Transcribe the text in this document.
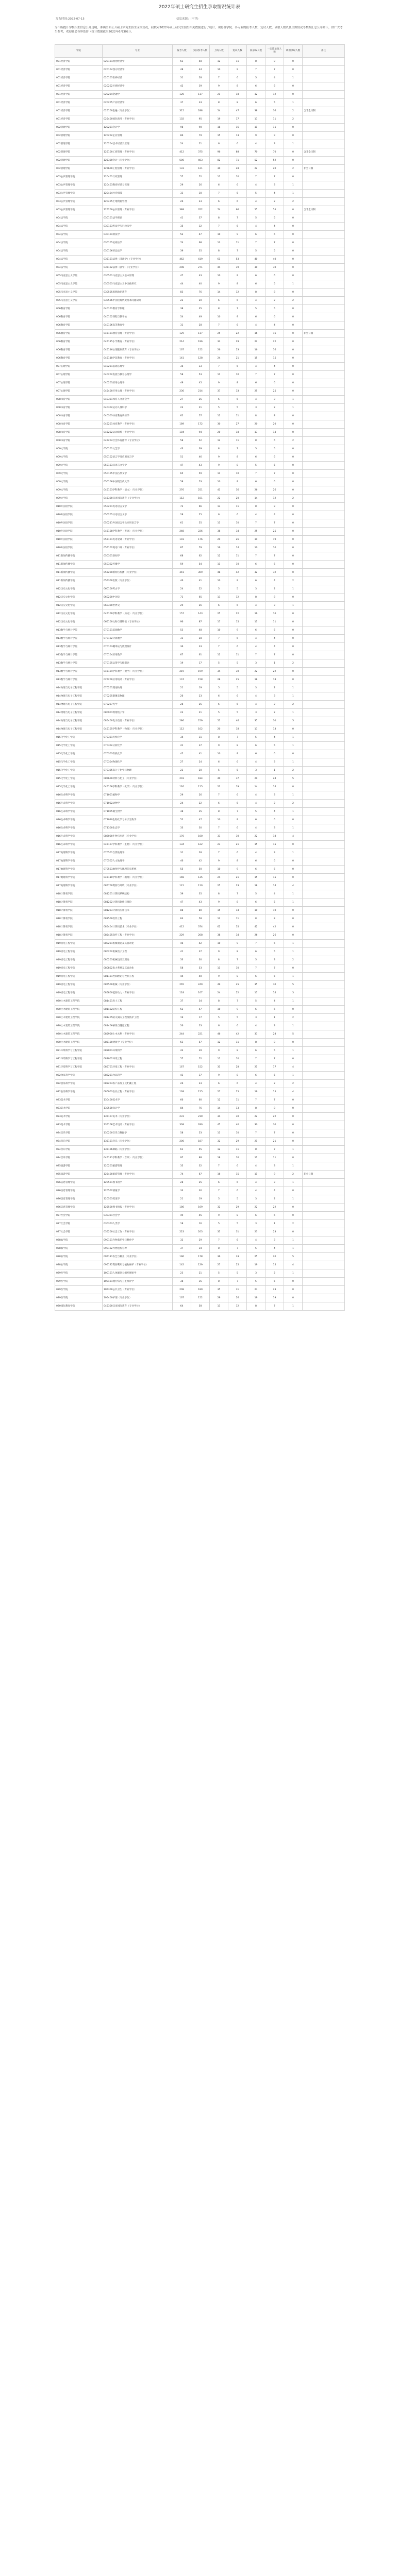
2022年硕士研究生招生录取情况统计表
发布时间:2022-07-15	信息来源：(不详)

为不断提升学校招生信息公开透明，准确全面公开硕士研究生招生录取情况，我校对2022年硕士研究生招生相关数据进行了统计，现将各学院、各专业的报考人数、复试人数、录取人数以及生源情况等数据汇总公布如下，供广大考生参考，欢迎社会各界监督（统计数据截至2022年6月30日）。

学院	专业	报考人数	实际参考人数	上线人数	复试人数	拟录取人数	一志愿录取人数	调剂录取人数	备注
001经济学院	020101政治经济学	63	58	12	11	8	8	0	
001经济学院	020104西方经济学	48	44	10	9	7	7	0	
001经济学院	020105世界经济	31	28	7	6	5	4	1	
001经济学院	020202区域经济学	42	39	9	8	6	6	0	
001经济学院	020204金融学	126	117	21	18	12	12	0	
001经济学院	020205产业经济学	37	33	8	8	6	5	1	
001经济学院	025100金融（专业学位）	315	288	54	47	38	36	2	含非全日制
001经济学院	025400国际商务（专业学位）	102	95	19	17	13	11	2	
002管理学院	120201会计学	98	90	18	16	11	11	0	
002管理学院	120202企业管理	86	79	15	13	9	9	0	
002管理学院	120204技术经济及管理	24	21	6	6	4	3	1	
002管理学院	125100工商管理（专业学位）	412	375	96	88	70	70	0	含非全日制
002管理学院	125300会计（专业学位）	506	463	82	71	52	52	0	
002管理学院	125600工程管理（专业学位）	133	121	30	28	22	20	2	非全日制
003公共管理学院	120401行政管理	57	52	11	10	7	7	0	
003公共管理学院	120403教育经济与管理	29	26	6	6	4	3	1	
003公共管理学院	120404社会保障	33	30	7	6	5	4	1	
003公共管理学院	120405土地资源管理	26	23	6	6	4	2	2	
003公共管理学院	125200公共管理（专业学位）	388	352	74	66	55	55	0	含非全日制
004法学院	030101法学理论	41	37	8	7	5	5	0	
004法学院	030103宪法学与行政法学	35	32	7	6	4	4	0	
004法学院	030104刑法学	52	47	10	9	6	6	0	
004法学院	030105民商法学	74	68	13	11	7	7	0	
004法学院	030106诉讼法学	39	35	8	7	5	5	0	
004法学院	035101法律（非法学）（专业学位）	462	419	61	53	40	40	0	
004法学院	035102法律（法学）（专业学位）	298	271	44	39	30	30	0	
005马克思主义学院	030501马克思主义基本原理	47	43	10	9	6	6	0	
005马克思主义学院	030503马克思主义中国化研究	44	40	9	8	6	5	1	
005马克思主义学院	030505思想政治教育	83	76	14	12	8	8	0	
005马克思主义学院	030506中国近现代史基本问题研究	22	20	6	6	4	2	2	
006教育学院	040101教育学原理	38	35	8	7	5	5	0	
006教育学院	040102课程与教学论	54	49	10	9	6	6	0	
006教育学院	040106高等教育学	31	28	7	6	4	4	0	
006教育学院	045101教育管理（专业学位）	129	117	25	22	16	16	0	非全日制
006教育学院	045115小学教育（专业学位）	214	196	33	29	22	22	0	
006教育学院	045116心理健康教育（专业学位）	167	152	26	23	16	16	0	
006教育学院	045118学前教育（专业学位）	141	128	24	21	15	15	0	
007心理学院	040201基础心理学	36	33	7	6	4	4	0	
007心理学院	040202发展与教育心理学	58	53	11	10	7	7	0	
007心理学院	040203应用心理学	49	45	9	8	6	6	0	
007心理学院	045400应用心理（专业学位）	236	214	37	33	25	25	0	
008体育学院	040301体育人文社会学	27	25	6	6	4	3	1	
008体育学院	040302运动人体科学	23	21	5	5	3	2	1	
008体育学院	040303体育教育训练学	62	57	12	11	8	8	0	
008体育学院	045201体育教学（专业学位）	189	172	30	27	20	20	0	
008体育学院	045202运动训练（专业学位）	104	94	20	18	13	13	0	
008体育学院	045204社会体育指导（专业学位）	58	52	12	11	8	6	2	
009文学院	050101文艺学	43	39	8	7	5	5	0	
009文学院	050102语言学及应用语言学	51	46	9	8	6	6	0	
009文学院	050103汉语言文字学	47	43	9	8	5	5	0	
009文学院	050105中国古代文学	65	59	11	10	7	7	0	
009文学院	050106中国现当代文学	58	53	10	9	6	6	0	
009文学院	045103学科教学（语文）（专业学位）	276	251	41	36	26	26	0	
009文学院	045300汉语国际教育（专业学位）	112	101	22	20	14	12	2	
010外国语学院	050201英语语言文学	72	66	13	11	8	8	0	
010外国语学院	050205日语语言文学	28	25	6	6	4	4	0	
010外国语学院	050211外国语言学及应用语言学	61	55	11	10	7	7	0	
010外国语学院	045108学科教学（英语）（专业学位）	248	226	38	34	25	25	0	
010外国语学院	055101英语笔译（专业学位）	193	176	29	26	19	19	0	
010外国语学院	055102英语口译（专业学位）	87	79	16	14	10	10	0	
011新闻传播学院	050301新闻学	68	62	12	11	7	7	0	
011新闻传播学院	050302传播学	59	54	11	10	6	6	0	
011新闻传播学院	055200新闻与传播（专业学位）	341	309	48	42	32	32	0	
011新闻传播学院	055300出版（专业学位）	46	41	10	9	6	4	2	
012历史文化学院	060100考古学	24	22	5	5	3	2	1	
012历史文化学院	060200中国史	71	65	13	12	8	8	0	
012历史文化学院	060300世界史	29	26	6	6	4	3	1	
012历史文化学院	045109学科教学（历史）（专业学位）	157	143	25	22	16	16	0	
012历史文化学院	065100文物与博物馆（专业学位）	96	87	17	15	11	11	0	
013数学与统计学院	070101基础数学	53	48	10	9	6	6	0	
013数学与统计学院	070102计算数学	31	28	7	6	4	4	0	
013数学与统计学院	070103概率论与数理统计	36	33	7	6	4	4	0	
013数学与统计学院	070104应用数学	67	61	12	11	7	7	0	
013数学与统计学院	070105运筹学与控制论	19	17	5	5	3	1	2	
013数学与统计学院	045104学科教学（数学）（专业学位）	219	199	34	30	22	22	0	
013数学与统计学院	025200应用统计（专业学位）	174	158	28	25	18	18	0	
014物理与电子工程学院	070201理论物理	21	19	5	5	3	2	1	
014物理与电子工程学院	070205凝聚态物理	26	23	6	6	4	3	1	
014物理与电子工程学院	070207光学	28	25	6	6	4	2	2	
014物理与电子工程学院	080901物理电子学	23	21	5	5	3	2	1	
014物理与电子工程学院	085400电子信息（专业学位）	286	259	51	46	35	30	5	
014物理与电子工程学院	045105学科教学（物理）（专业学位）	112	102	20	18	13	13	0	
015化学化工学院	070301无机化学	34	31	8	7	5	4	1	
015化学化工学院	070302分析化学	41	37	9	8	6	5	1	
015化学化工学院	070303有机化学	45	41	10	9	6	6	0	
015化学化工学院	070304物理化学	27	24	6	6	4	3	1	
015化学化工学院	070305高分子化学与物理	22	20	5	5	3	1	2	
015化学化工学院	085600材料与化工（专业学位）	203	184	40	37	29	24	5	
015化学化工学院	045106学科教学（化学）（专业学位）	126	115	22	19	14	14	0	
016生命科学学院	071001植物学	29	26	7	6	4	3	1	
016生命科学学院	071002动物学	24	22	6	6	4	2	2	
016生命科学学院	071005微生物学	38	35	8	7	5	4	1	
016生命科学学院	071010生物化学与分子生物学	52	47	10	9	6	6	0	
016生命科学学院	071300生态学	33	30	7	6	4	3	1	
016生命科学学院	086000生物与医药（专业学位）	176	160	33	30	22	18	4	
016生命科学学院	045107学科教学（生物）（专业学位）	134	122	23	21	15	15	0	
017地理科学学院	070501自然地理学	31	28	7	6	4	3	1	
017地理科学学院	070502人文地理学	46	42	9	8	6	6	0	
017地理科学学院	070503地图学与地理信息系统	55	50	10	9	6	6	0	
017地理科学学院	045110学科教学（地理）（专业学位）	148	135	24	21	15	15	0	
017地理科学学院	085700资源与环境（专业学位）	121	110	25	23	18	14	4	
018计算机学院	081201计算机系统结构	39	35	8	7	5	4	1	
018计算机学院	081202计算机软件与理论	47	43	9	8	6	5	1	
018计算机学院	081203计算机应用技术	88	80	15	14	10	10	0	
018计算机学院	083500软件工程	64	58	12	11	8	8	0	
018计算机学院	085404计算机技术（专业学位）	412	374	62	55	42	42	0	
018计算机学院	085405软件工程（专业学位）	229	208	38	34	26	26	0	
019机电工程学院	080201机械制造及其自动化	46	42	10	9	7	6	1	
019机电工程学院	080202机械电子工程	41	37	9	8	6	5	1	
019机电工程学院	080203机械设计及理论	33	30	8	7	5	3	2	
019机电工程学院	080802电力系统及其自动化	58	53	11	10	7	7	0	
019机电工程学院	081101控制理论与控制工程	44	40	9	8	6	5	1	
019机电工程学院	085500机械（专业学位）	265	240	49	45	35	30	5	
019机电工程学院	085800能源动力（专业学位）	118	107	24	22	17	14	3	
020土木建筑工程学院	081401岩土工程	37	34	8	7	5	4	1	
020土木建筑工程学院	081402结构工程	52	47	10	9	6	6	0	
020土木建筑工程学院	081405防灾减灾工程及防护工程	19	17	5	5	3	1	2	
020土木建筑工程学院	081406桥梁与隧道工程	26	23	6	6	4	3	1	
020土木建筑工程学院	085900土木水利（专业学位）	244	221	46	42	33	28	5	
020土木建筑工程学院	085100建筑学（专业学位）	63	57	12	11	8	8	0	
021环境科学与工程学院	083001环境科学	43	39	9	8	6	5	1	
021环境科学与工程学院	083002环境工程	57	52	11	10	7	7	0	
021环境科学与工程学院	085701环境工程（专业学位）	167	152	31	28	21	17	4	
022食品科学学院	083201食品科学	41	37	9	8	6	5	1	
022食品科学学院	083203农产品加工及贮藏工程	26	23	6	6	4	2	2	
022食品科学学院	086003食品工程（专业学位）	138	125	27	25	19	15	4	
023美术学院	130400美术学	66	60	12	11	7	7	0	
023美术学院	130500设计学	84	76	14	13	8	8	0	
023美术学院	135107美术（专业学位）	231	210	34	30	22	22	0	
023美术学院	135108艺术设计（专业学位）	308	280	45	40	30	30	0	
024音乐学院	130200音乐与舞蹈学	58	53	11	10	7	7	0	
024音乐学院	135101音乐（专业学位）	206	187	32	29	21	21	0	
024音乐学院	135106舞蹈（专业学位）	61	55	12	11	8	7	1	
024音乐学院	045111学科教学（音乐）（专业学位）	97	88	18	16	11	11	0	
025旅游学院	120203旅游管理	35	32	7	6	4	3	1	
025旅游学院	125400旅游管理（专业学位）	74	67	16	15	11	9	2	非全日制
026信息管理学院	120501图书馆学	28	25	6	6	4	3	1	
026信息管理学院	120502情报学	33	30	7	6	4	4	0	
026信息管理学院	120503档案学	21	19	5	5	3	2	1	
026信息管理学院	125500图书情报（专业学位）	186	169	32	29	22	22	0	
027社会学院	030301社会学	49	45	9	8	6	6	0	
027社会学院	030303人类学	18	16	5	5	3	1	2	
027社会学院	035200社会工作（专业学位）	223	203	35	31	23	23	0	
028农学院	090101作物栽培学与耕作学	32	29	7	6	4	3	1	
028农学院	090102作物遗传育种	37	34	8	7	5	4	1	
028农学院	095131农艺与种业（专业学位）	196	178	36	33	25	20	5	
028农学院	095132资源利用与植物保护（专业学位）	142	129	27	25	19	15	4	
029医学院	100101人体解剖与组织胚胎学	23	21	5	5	3	2	1	
029医学院	100401流行病与卫生统计学	38	35	8	7	5	5	0	
029医学院	105300公共卫生（专业学位）	208	189	35	31	23	23	0	
029医学院	105400护理（专业学位）	167	152	29	26	19	19	0	
030国际教育学院	045300汉语国际教育（专业学位）	64	58	13	12	8	7	1	
